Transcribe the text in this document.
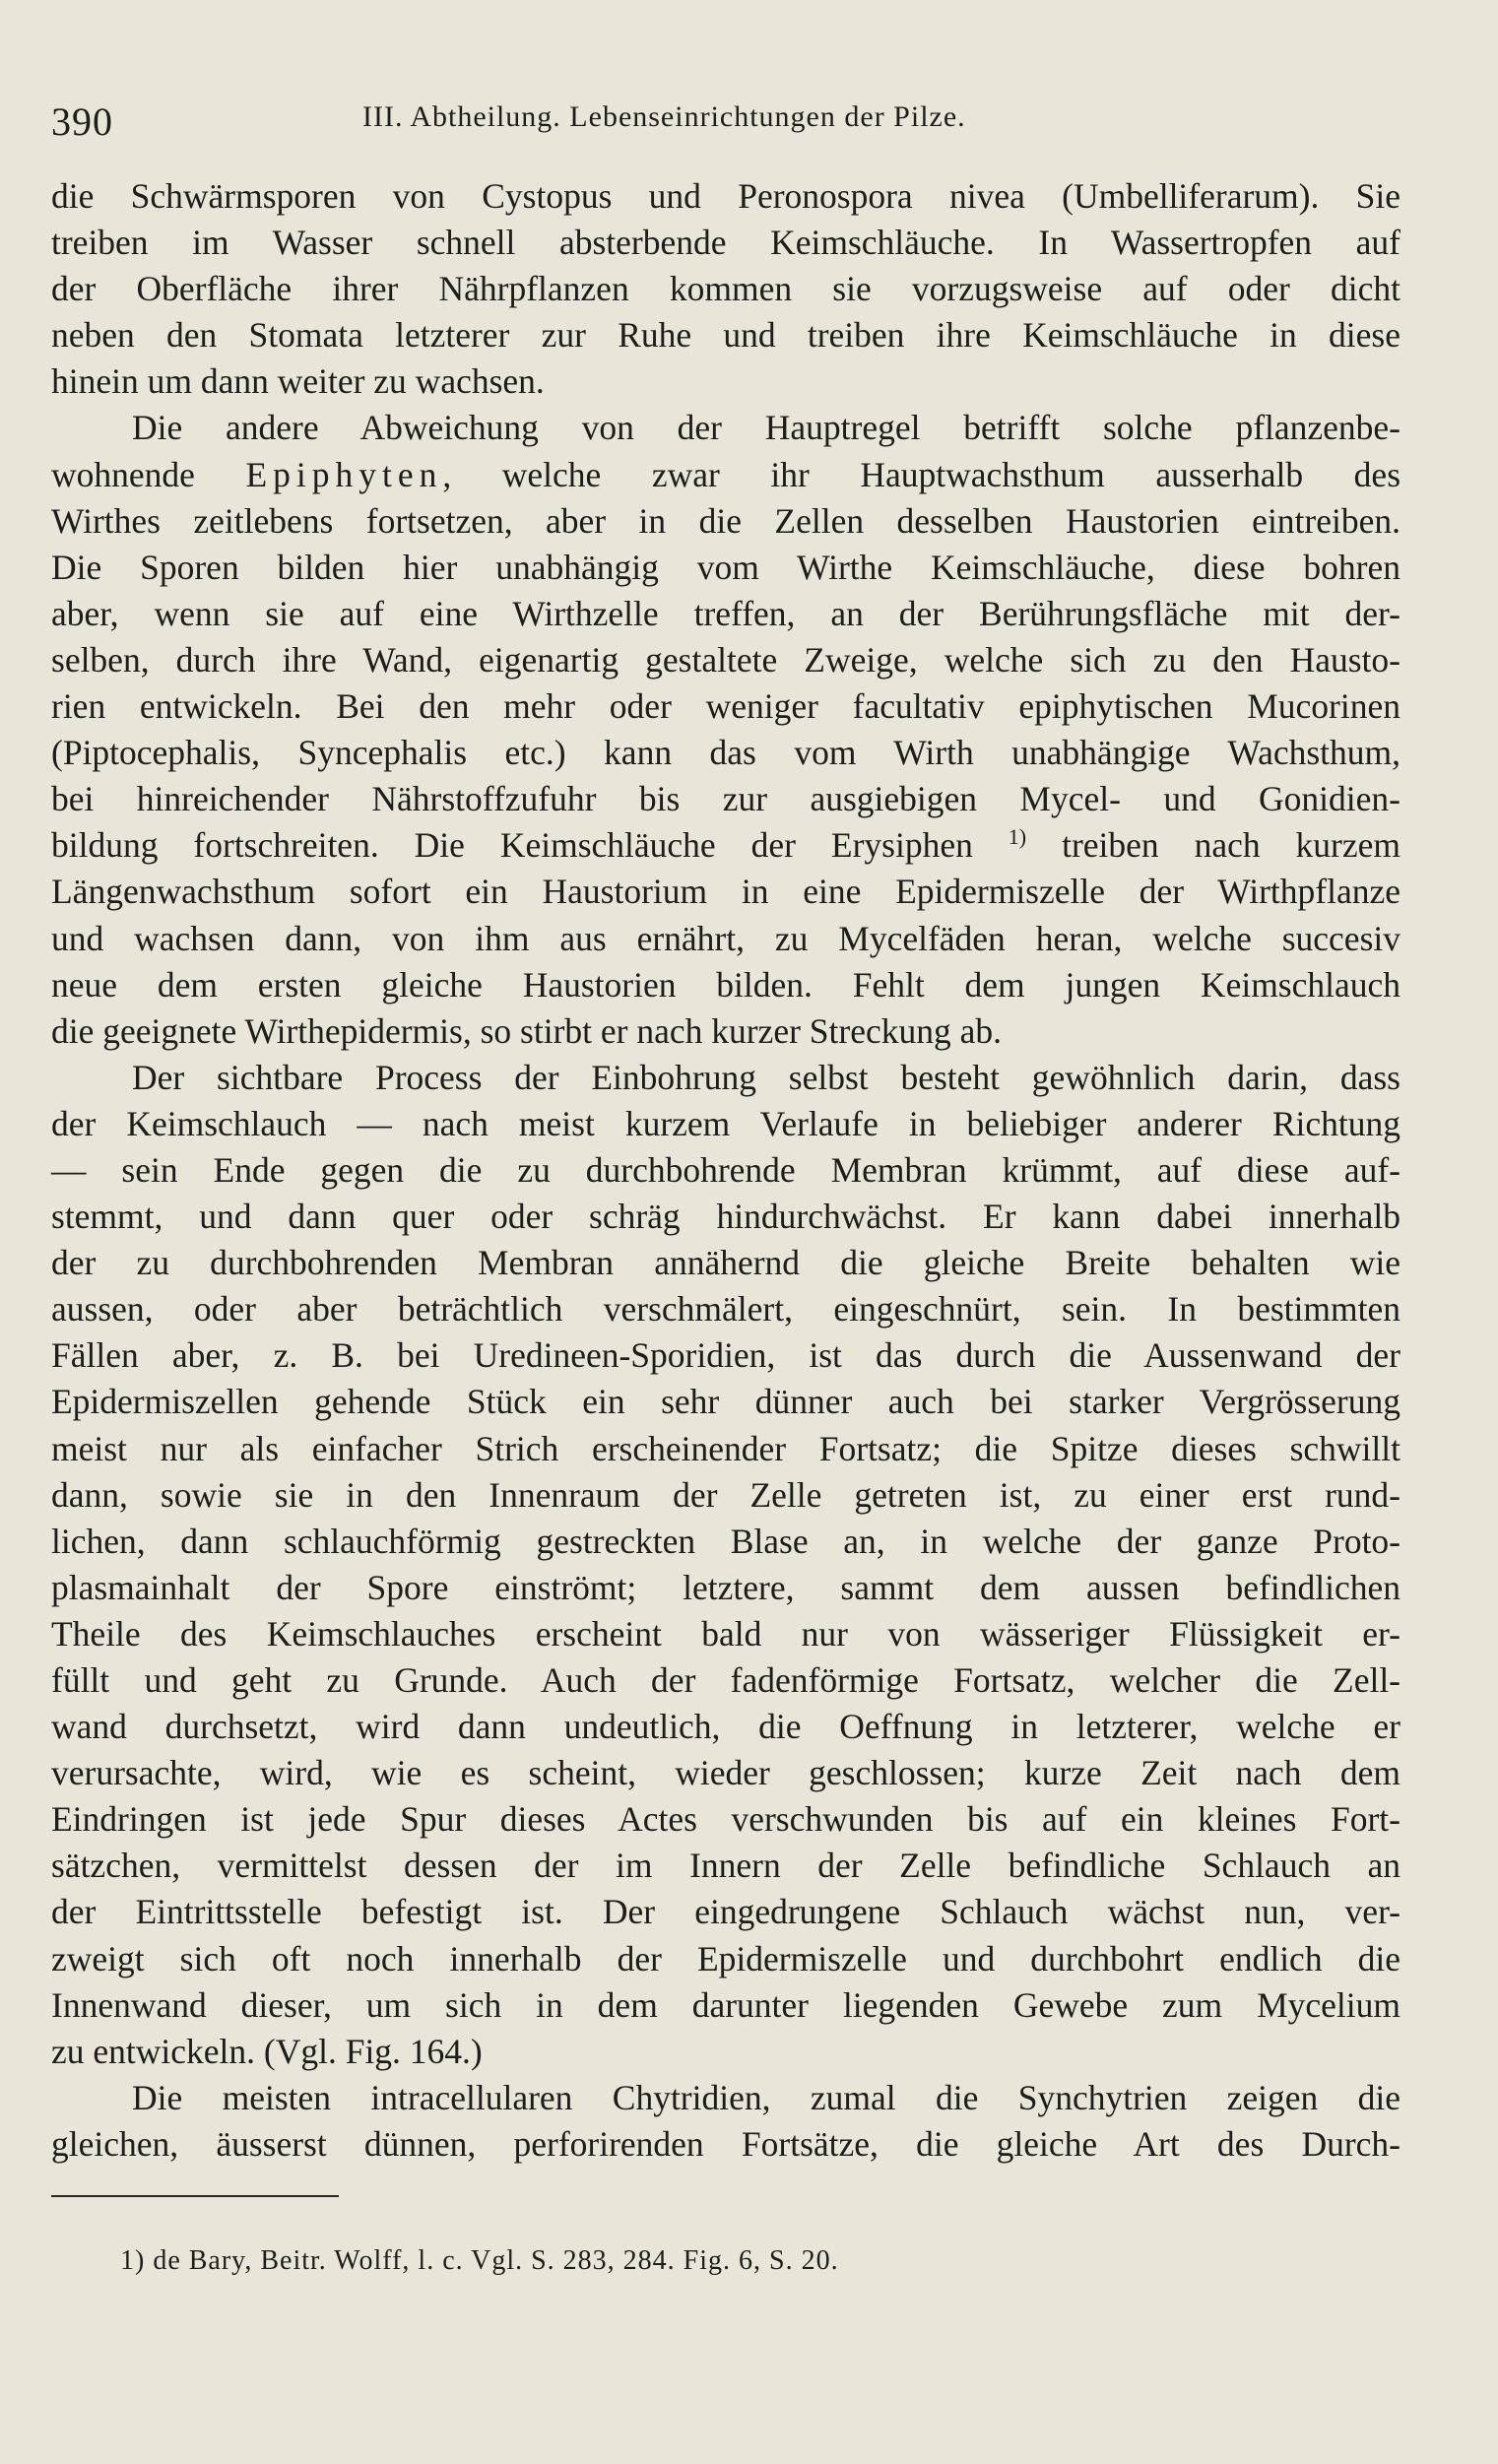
390	III. Abtheilung. Lebenseinrichtungen der Pilze.
die Schwärmsporen von Cystopus und Peronospora nivea (Umbelliferarum). Sie
treiben im Wasser schnell absterbende Keimschläuche. In Wassertropfen auf
der Oberfläche ihrer Nährpflanzen kommen sie vorzugsweise auf oder dicht
neben den Stomata letzterer zur Ruhe und treiben ihre Keimschläuche in diese
hinein um dann weiter zu wachsen.
Die andere Abweichung von der Hauptregel betrifft solche pflanzenbe-
wohnende Epiphyten, welche zwar ihr Hauptwachsthum ausserhalb des
Wirthes zeitlebens fortsetzen, aber in die Zellen desselben Haustorien eintreiben.
Die Sporen bilden hier unabhängig vom Wirthe Keimschläuche, diese bohren
aber, wenn sie auf eine Wirthzelle treffen, an der Berührungsfläche mit der-
selben, durch ihre Wand, eigenartig gestaltete Zweige, welche sich zu den Hausto-
rien entwickeln. Bei den mehr oder weniger facultativ epiphytischen Mucorinen
(Piptocephalis, Syncephalis etc.) kann das vom Wirth unabhängige Wachsthum,
bei hinreichender Nährstoffzufuhr bis zur ausgiebigen Mycel- und Gonidien-
bildung fortschreiten. Die Keimschläuche der Erysiphen $^{1)}$ treiben nach kurzem
Längenwachsthum sofort ein Haustorium in eine Epidermiszelle der Wirthpflanze
und wachsen dann, von ihm aus ernährt, zu Mycelfäden heran, welche succesiv
neue dem ersten gleiche Haustorien bilden. Fehlt dem jungen Keimschlauch
die geeignete Wirthepidermis, so stirbt er nach kurzer Streckung ab.
Der sichtbare Process der Einbohrung selbst besteht gewöhnlich darin, dass
der Keimschlauch — nach meist kurzem Verlaufe in beliebiger anderer Richtung
— sein Ende gegen die zu durchbohrende Membran krümmt, auf diese auf-
stemmt, und dann quer oder schräg hindurchwächst. Er kann dabei innerhalb
der zu durchbohrenden Membran annähernd die gleiche Breite behalten wie
aussen, oder aber beträchtlich verschmälert, eingeschnürt, sein. In bestimmten
Fällen aber, z. B. bei Uredineen-Sporidien, ist das durch die Aussenwand der
Epidermiszellen gehende Stück ein sehr dünner auch bei starker Vergrösserung
meist nur als einfacher Strich erscheinender Fortsatz; die Spitze dieses schwillt
dann, sowie sie in den Innenraum der Zelle getreten ist, zu einer erst rund-
lichen, dann schlauchförmig gestreckten Blase an, in welche der ganze Proto-
plasmainhalt der Spore einströmt; letztere, sammt dem aussen befindlichen
Theile des Keimschlauches erscheint bald nur von wässeriger Flüssigkeit er-
füllt und geht zu Grunde. Auch der fadenförmige Fortsatz, welcher die Zell-
wand durchsetzt, wird dann undeutlich, die Oeffnung in letzterer, welche er
verursachte, wird, wie es scheint, wieder geschlossen; kurze Zeit nach dem
Eindringen ist jede Spur dieses Actes verschwunden bis auf ein kleines Fort-
sätzchen, vermittelst dessen der im Innern der Zelle befindliche Schlauch an
der Eintrittsstelle befestigt ist. Der eingedrungene Schlauch wächst nun, ver-
zweigt sich oft noch innerhalb der Epidermiszelle und durchbohrt endlich die
Innenwand dieser, um sich in dem darunter liegenden Gewebe zum Mycelium
zu entwickeln. (Vgl. Fig. 164.)
Die meisten intracellularen Chytridien, zumal die Synchytrien zeigen die
gleichen, äusserst dünnen, perforirenden Fortsätze, die gleiche Art des Durch-
1) de Bary, Beitr. Wolff, l. c. Vgl. S. 283, 284. Fig. 6, S. 20.
